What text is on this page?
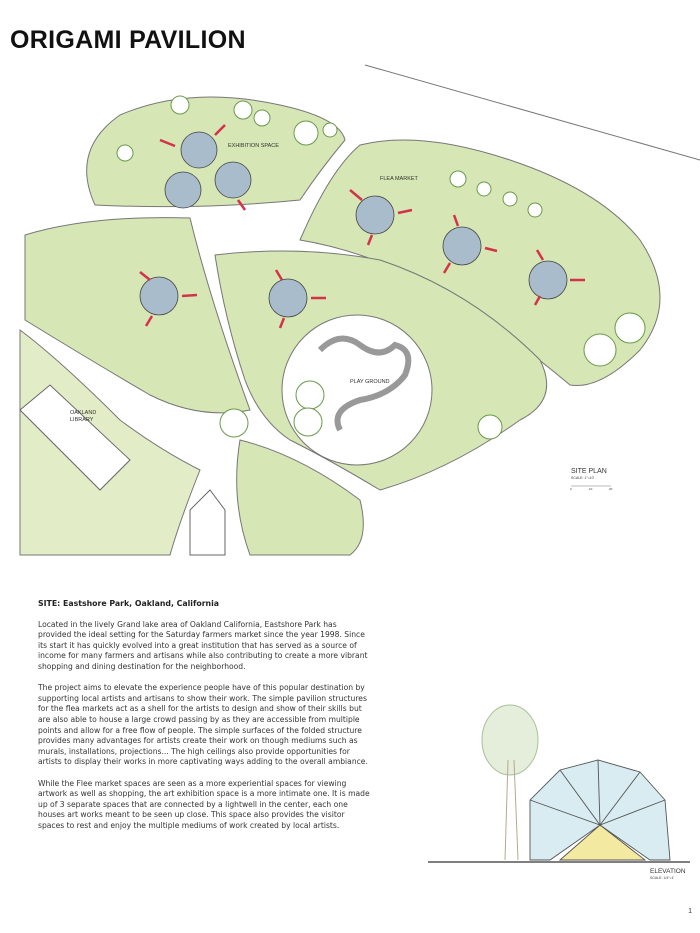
ORIGAMI PAVILION
PLAY GROUND
OAKLAND
LIBRARY
EXHIBITION SPACE
FLEA MARKET
SITE PLAN
SCALE: 1"=10'
0	10	20
SITE: Eastshore Park, Oakland, California

Located in the lively Grand lake area of Oakland California, Eastshore Park has provided the ideal setting for the Saturday farmers market since the year 1998. Since its start it has quickly evolved into a great institution that has served as a source of income for many farmers and artisans while also contributing to create a more vibrant shopping and dining destination for the neighborhood.

The project aims to elevate the experience people have of this popular destination by supporting local artists and artisans to show their work. The simple pavilion structures for the flea markets act as a shell for the artists to design and show of their skills but are also able to house a large crowd passing by as they are accessible from multiple points and allow for a free flow of people. The simple surfaces of the folded structure provides many advantages for artists create their work on though mediums such as murals, installations, projections... The high ceilings also provide opportunities for artists to display their works in more captivating ways adding to the overall ambiance.

While the Flee market spaces are seen as a more experiential spaces for viewing artwork as well as shopping, the art exhibition space is a more intimate one. It is made up of 3 separate spaces that are connected by a lightwell in the center, each one houses art works meant to be seen up close. This space also provides the visitor spaces to rest and enjoy the multiple mediums of work created by local artists.

ELEVATION
SCALE: 1/4"=1'
1
